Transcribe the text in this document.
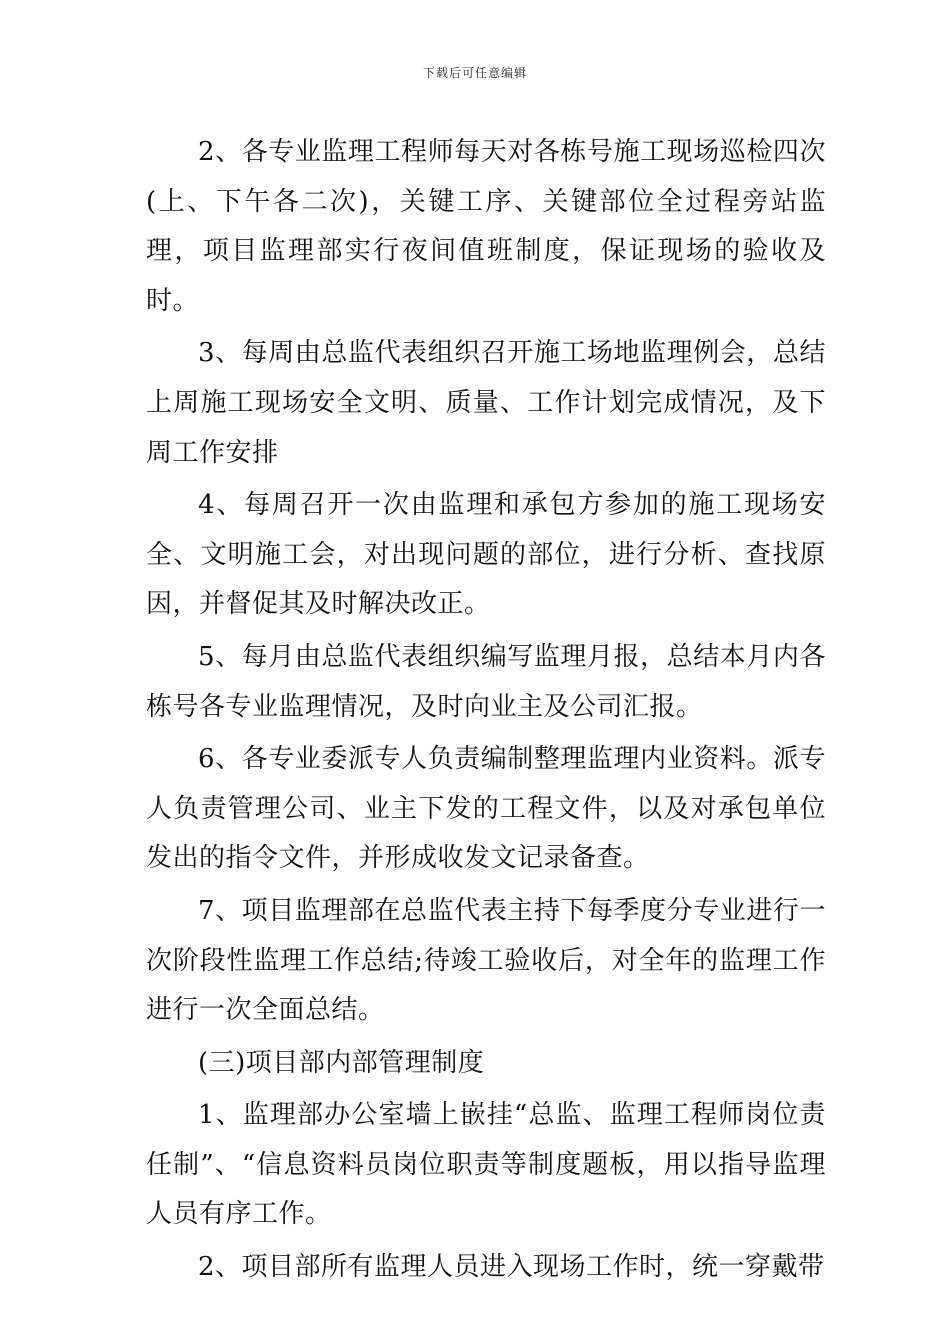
下载后可任意编辑

2、各专业监理工程师每天对各栋号施工现场巡检四次(上、下午各二次)，关键工序、关键部位全过程旁站监理，项目监理部实行夜间值班制度，保证现场的验收及时。

3、每周由总监代表组织召开施工场地监理例会，总结上周施工现场安全文明、质量、工作计划完成情况，及下周工作安排

4、每周召开一次由监理和承包方参加的施工现场安全、文明施工会，对出现问题的部位，进行分析、查找原因，并督促其及时解决改正。

5、每月由总监代表组织编写监理月报，总结本月内各栋号各专业监理情况，及时向业主及公司汇报。

6、各专业委派专人负责编制整理监理内业资料。派专人负责管理公司、业主下发的工程文件，以及对承包单位发出的指令文件，并形成收发文记录备查。

7、项目监理部在总监代表主持下每季度分专业进行一次阶段性监理工作总结;待竣工验收后，对全年的监理工作进行一次全面总结。

(三)项目部内部管理制度

1、监理部办公室墙上嵌挂“总监、监理工程师岗位责任制”、“信息资料员岗位职责等制度题板，用以指导监理人员有序工作。

2、项目部所有监理人员进入现场工作时，统一穿戴带
